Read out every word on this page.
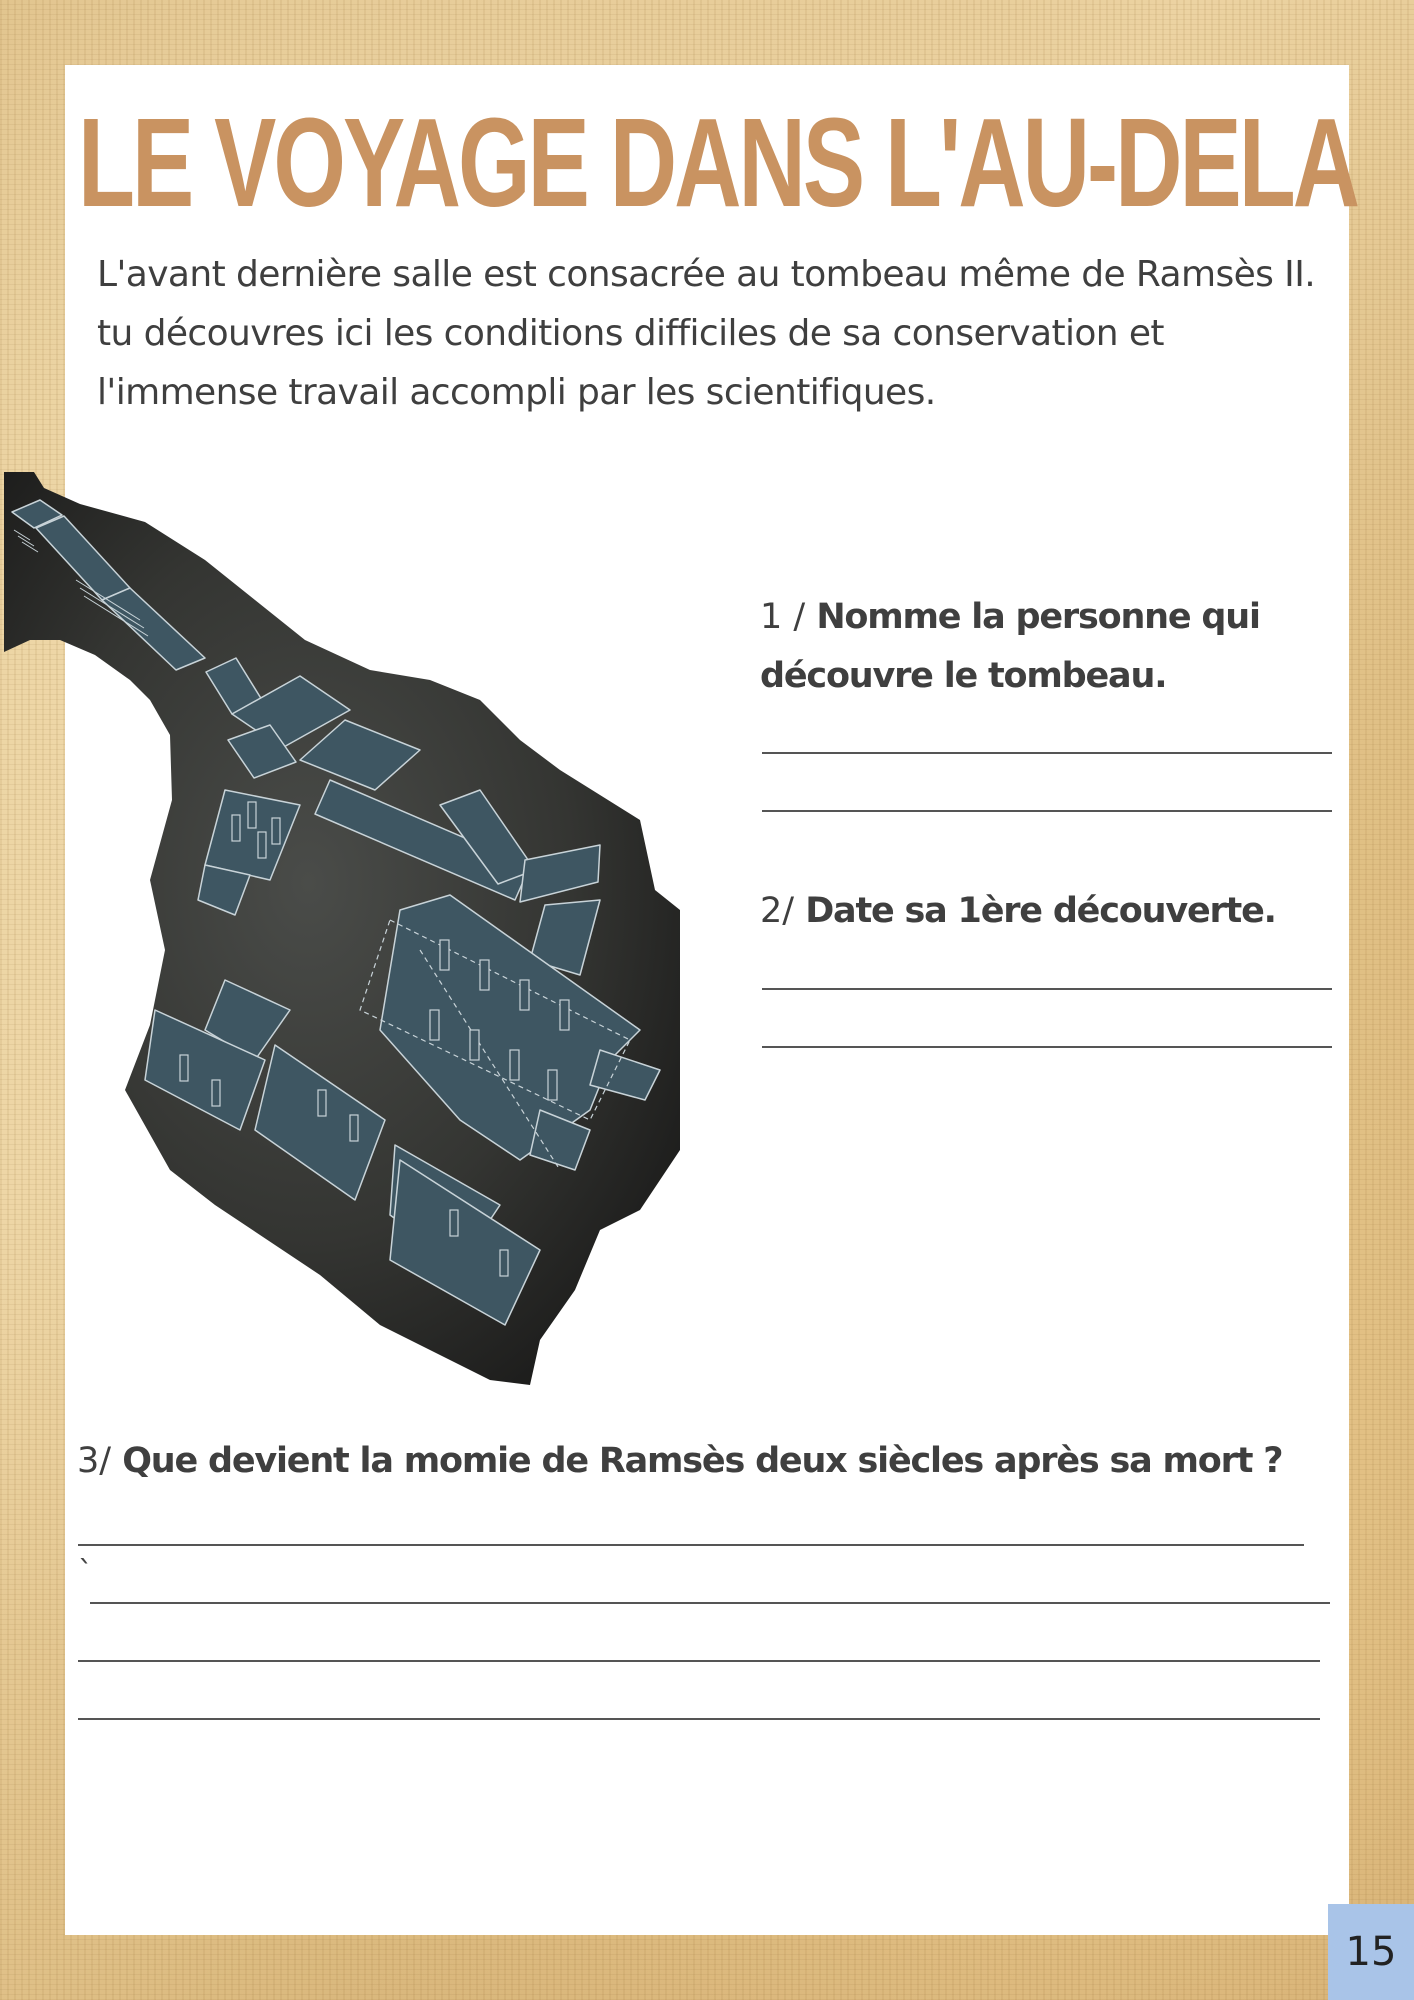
LE VOYAGE DANS L'AU-DELA

L'avant dernière salle est consacrée au tombeau même de Ramsès II. tu découvres ici les conditions difficiles de sa conservation et l'immense travail accompli par les scientifiques.

1 / Nomme la personne qui découvre le tombeau.

2/ Date sa 1ère découverte.

3/ Que devient la momie de Ramsès deux siècles après sa mort ?

`
15
